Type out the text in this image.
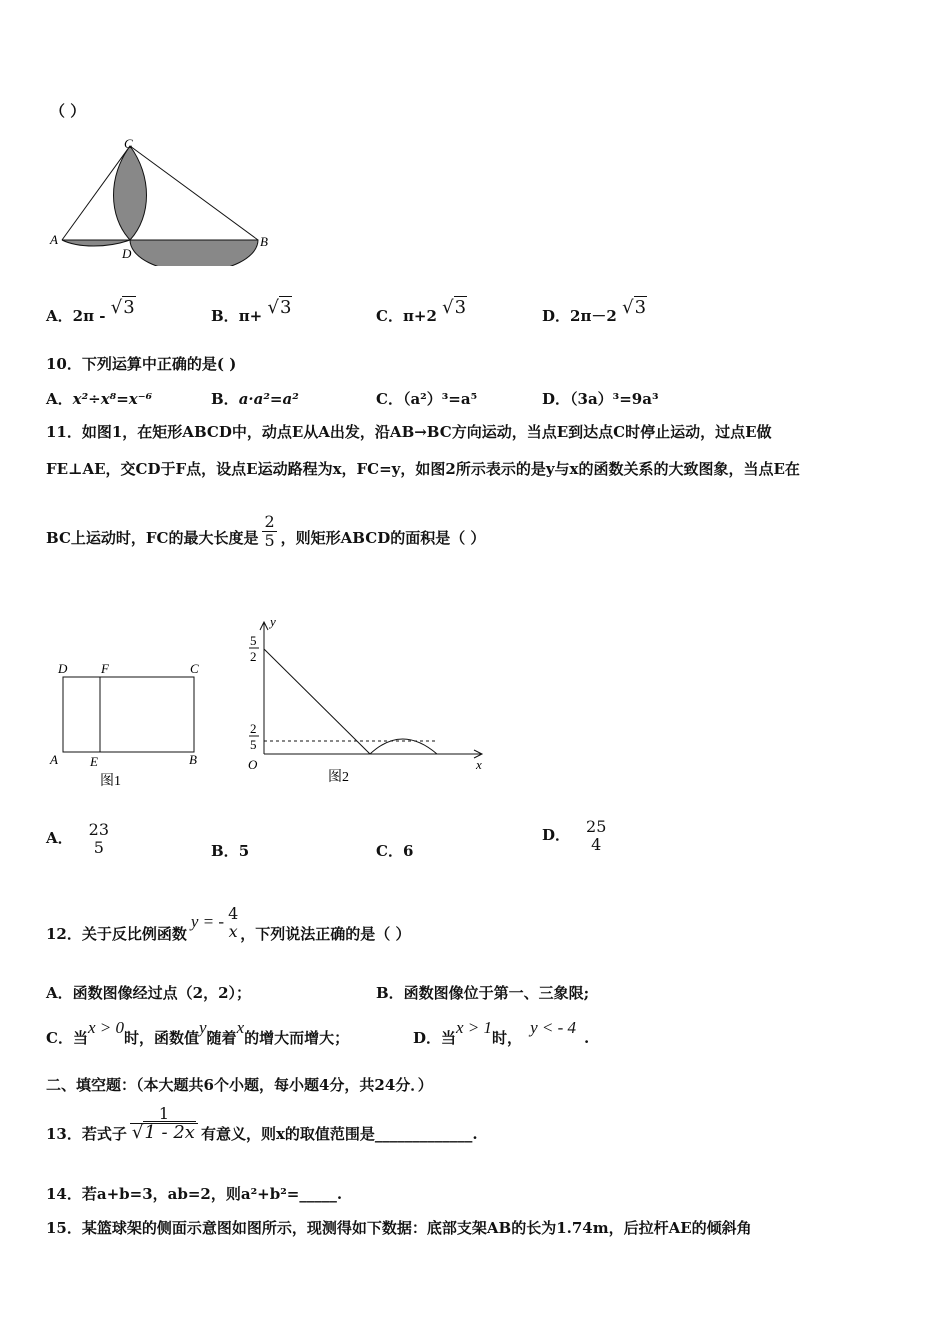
（ ）
C
A
D
B
A．2π - √3	B．π+ √3	C．π+2 √3	D．2π－2 √3
10．下列运算中正确的是( )
A．x²÷x⁸=x⁻⁶	B．a·a²=a²	C．（a²）³=a⁵	D．（3a）³=9a³
11．如图1，在矩形ABCD中，动点E从A出发，沿AB→BC方向运动，当点E到达点C时停止运动，过点E做
FE⊥AE，交CD于F点，设点E运动路程为x，FC=y，如图2所示表示的是y与x的函数关系的大致图象，当点E在
BC上运动时，FC的最大长度是 $\frac{2}{5}$ ，则矩形ABCD的面积是（ ）
D	F	C
A E	B
图1
y
x
O
5
2
2
5
图2
A． 23
5	B．5	C．6
D． 25
4
12．关于反比例函数y = - 4
x ，下列说法正确的是（ ）
A．函数图像经过点（2，2）；	B．函数图像位于第一、三象限;
C．当x > 0时，函数值y随着x的增大而增大；	D．当x > 1时，y < - 4.
二、填空题：（本大题共6个小题，每小题4分，共24分．）
13．若式子 $\frac{1}{√1 - 2x}$ 有意义，则x的取值范围是_____________.
14．若a+b=3，ab=2，则a²+b²=_____.
15．某篮球架的侧面示意图如图所示，现测得如下数据：底部支架AB的长为1.74m，后拉杆AE的倾斜角
